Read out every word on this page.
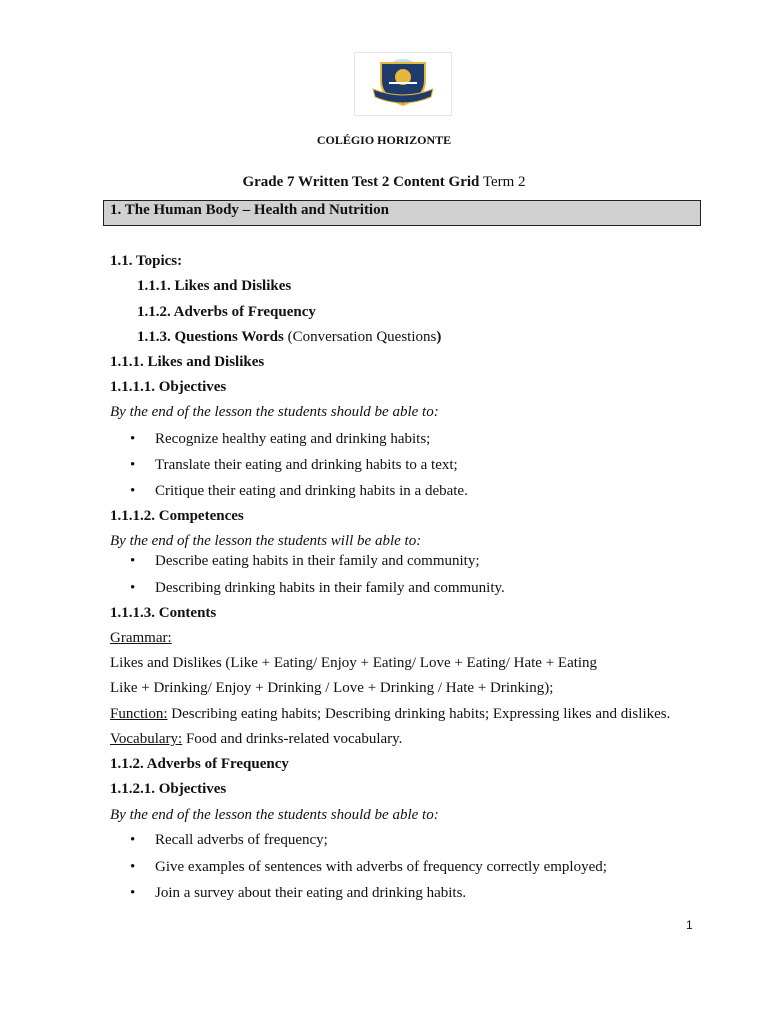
COLÉGIO HORIZONTE
Grade 7 Written Test 2 Content Grid Term 2
1. The Human Body – Health and Nutrition
1.1. Topics:
1.1.1. Likes and Dislikes
1.1.2. Adverbs of Frequency
1.1.3. Questions Words (Conversation Questions)
1.1.1. Likes and Dislikes
1.1.1.1. Objectives
By the end of the lesson the students should be able to:
• Recognize healthy eating and drinking habits;
• Translate their eating and drinking habits to a text;
• Critique their eating and drinking habits in a debate.
1.1.1.2. Competences
By the end of the lesson the students will be able to:
• Describe eating habits in their family and community;
• Describing drinking habits in their family and community.
1.1.1.3. Contents
Grammar:
Likes and Dislikes (Like + Eating/ Enjoy + Eating/ Love + Eating/ Hate + Eating
Like + Drinking/ Enjoy + Drinking / Love + Drinking / Hate + Drinking);
Function: Describing eating habits; Describing drinking habits; Expressing likes and dislikes.
Vocabulary: Food and drinks-related vocabulary.
1.1.2. Adverbs of Frequency
1.1.2.1. Objectives
By the end of the lesson the students should be able to:
• Recall adverbs of frequency;
• Give examples of sentences with adverbs of frequency correctly employed;
• Join a survey about their eating and drinking habits.
1
